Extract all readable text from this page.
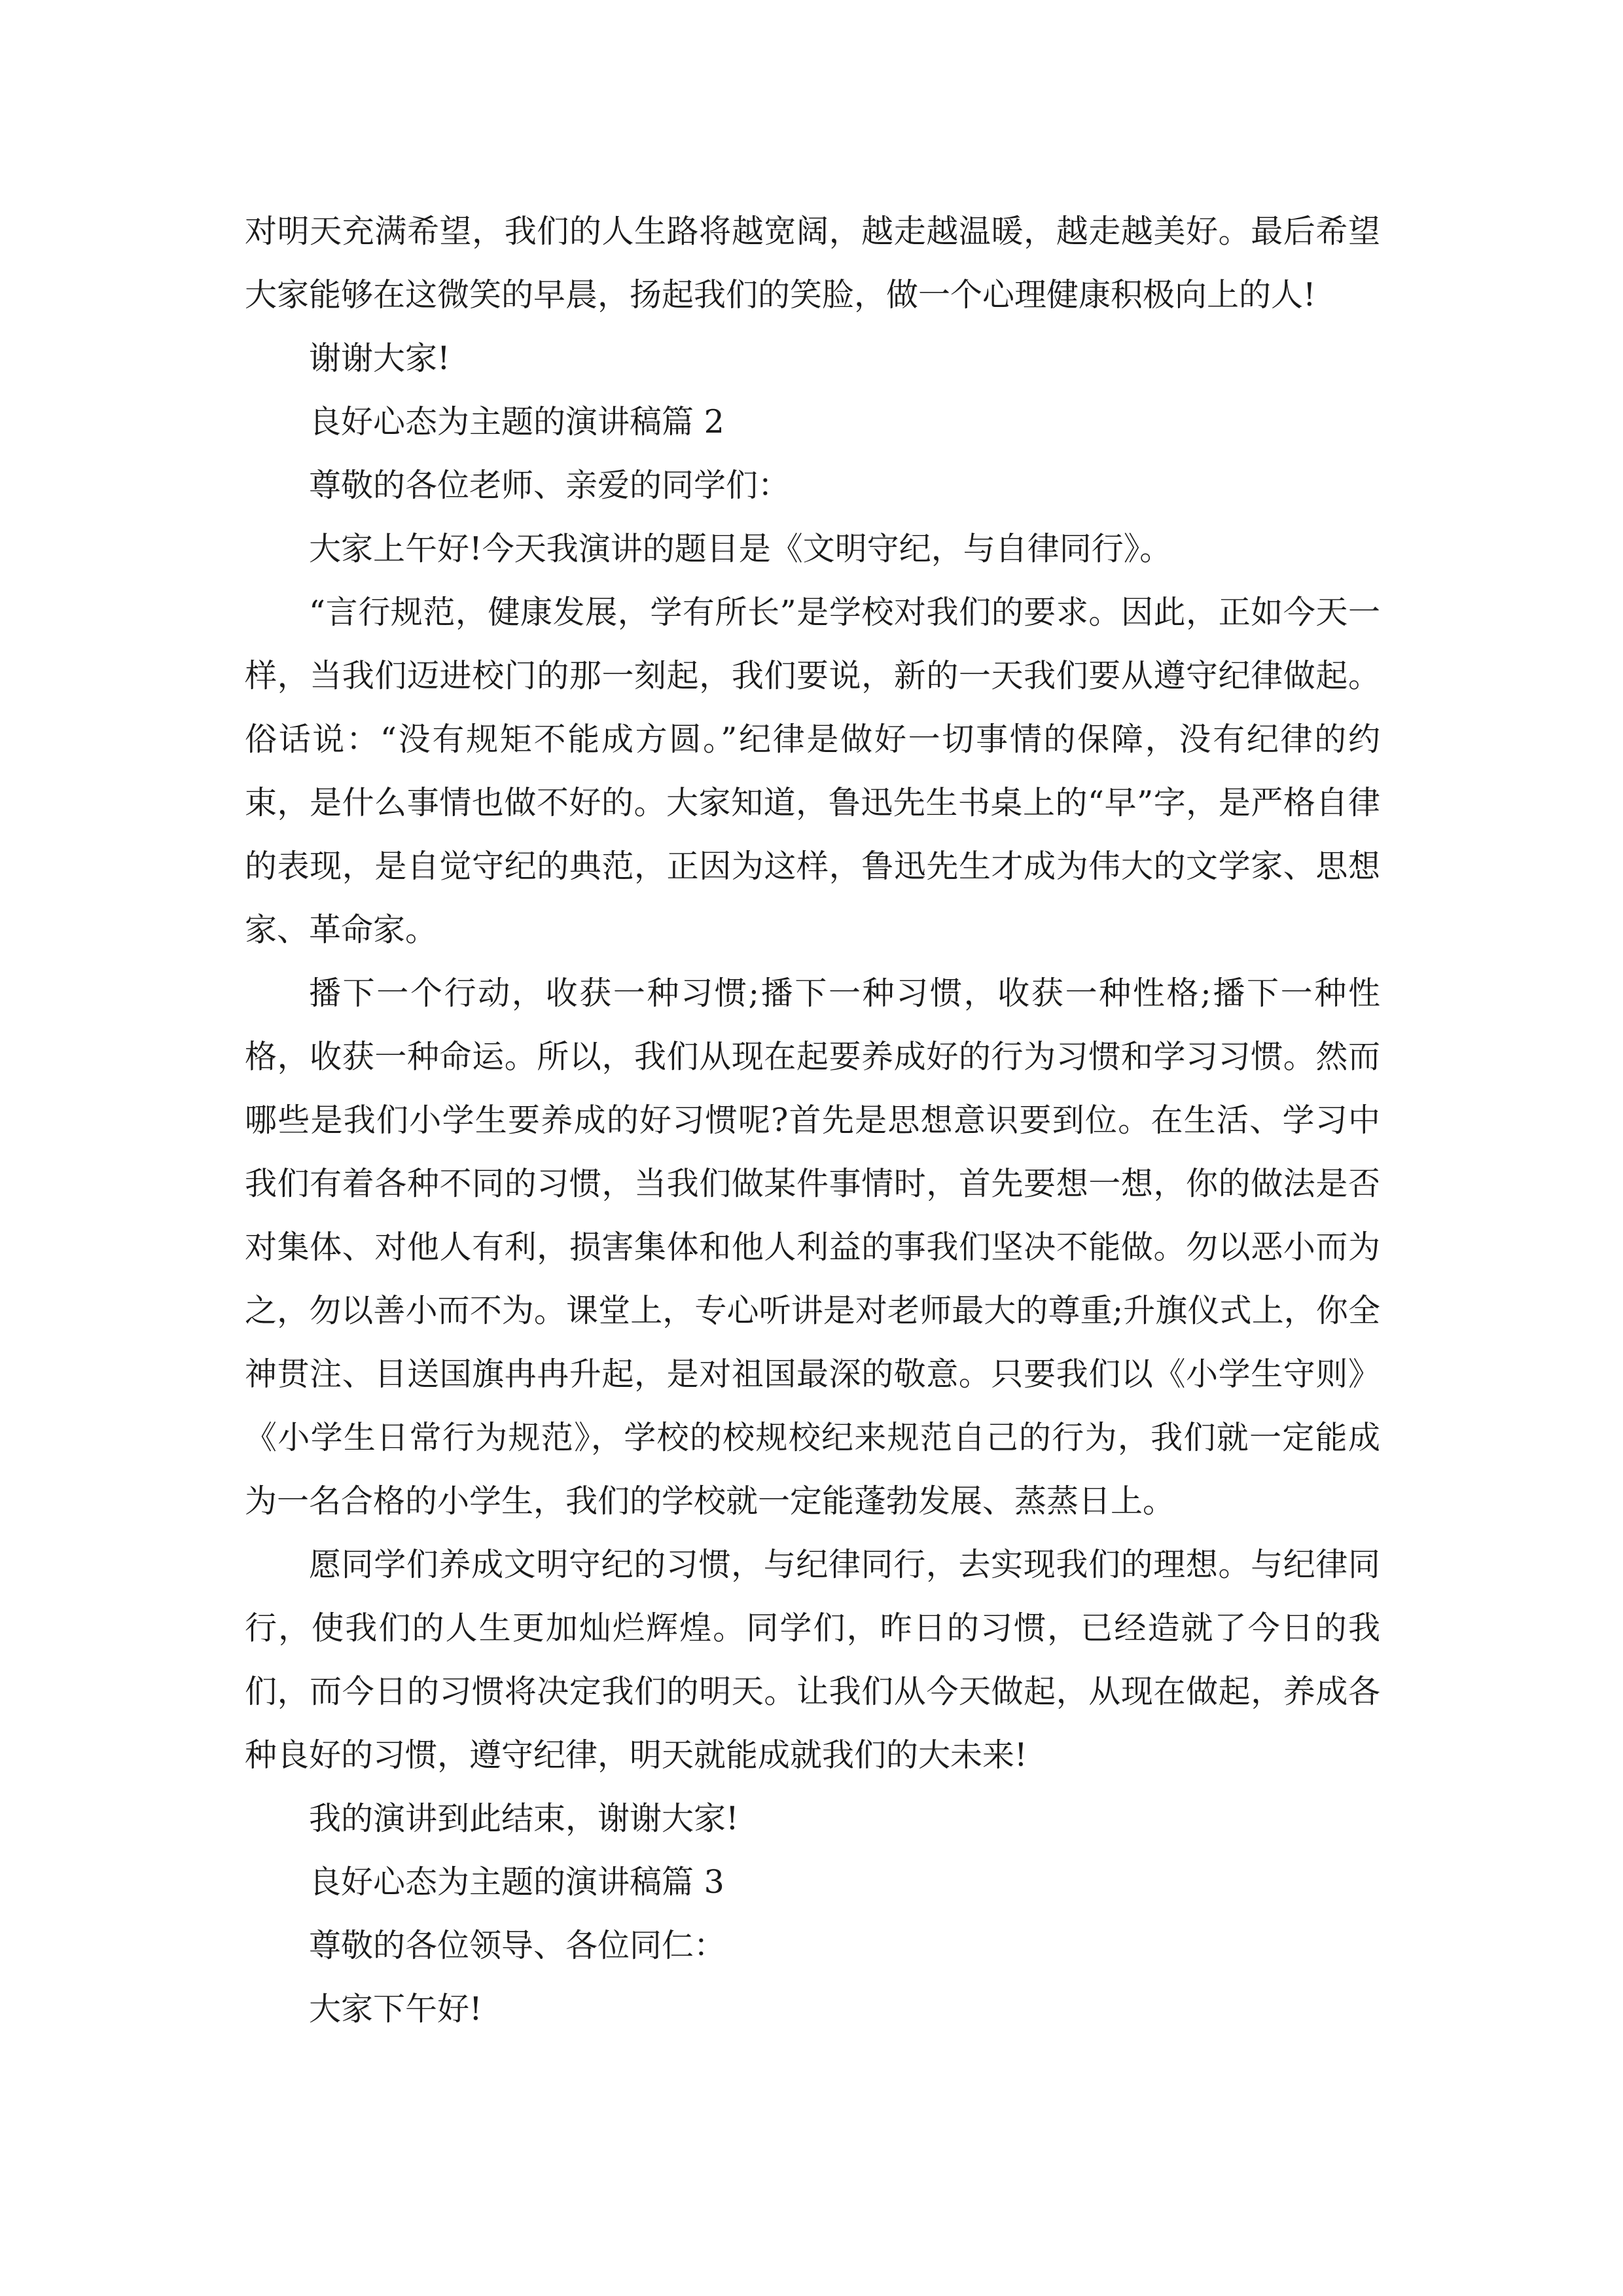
对明天充满希望，我们的人生路将越宽阔，越走越温暖，越走越美好。最后希望大家能够在这微笑的早晨，扬起我们的笑脸，做一个心理健康积极向上的人!

谢谢大家!

良好心态为主题的演讲稿篇 2

尊敬的各位老师、亲爱的同学们：

大家上午好!今天我演讲的题目是《文明守纪，与自律同行》。

“言行规范，健康发展，学有所长”是学校对我们的要求。因此，正如今天一样，当我们迈进校门的那一刻起，我们要说，新的一天我们要从遵守纪律做起。俗话说：“没有规矩不能成方圆。”纪律是做好一切事情的保障，没有纪律的约束，是什么事情也做不好的。大家知道，鲁迅先生书桌上的“早”字，是严格自律的表现，是自觉守纪的典范，正因为这样，鲁迅先生才成为伟大的文学家、思想家、革命家。

播下一个行动，收获一种习惯;播下一种习惯，收获一种性格;播下一种性格，收获一种命运。所以，我们从现在起要养成好的行为习惯和学习习惯。然而哪些是我们小学生要养成的好习惯呢?首先是思想意识要到位。在生活、学习中我们有着各种不同的习惯，当我们做某件事情时，首先要想一想，你的做法是否对集体、对他人有利，损害集体和他人利益的事我们坚决不能做。勿以恶小而为之，勿以善小而不为。课堂上，专心听讲是对老师最大的尊重;升旗仪式上，你全神贯注、目送国旗冉冉升起，是对祖国最深的敬意。只要我们以《小学生守则》《小学生日常行为规范》，学校的校规校纪来规范自己的行为，我们就一定能成为一名合格的小学生，我们的学校就一定能蓬勃发展、蒸蒸日上。

愿同学们养成文明守纪的习惯，与纪律同行，去实现我们的理想。与纪律同行，使我们的人生更加灿烂辉煌。同学们，昨日的习惯，已经造就了今日的我们，而今日的习惯将决定我们的明天。让我们从今天做起，从现在做起，养成各种良好的习惯，遵守纪律，明天就能成就我们的大未来!

我的演讲到此结束，谢谢大家!

良好心态为主题的演讲稿篇 3

尊敬的各位领导、各位同仁：

大家下午好!
